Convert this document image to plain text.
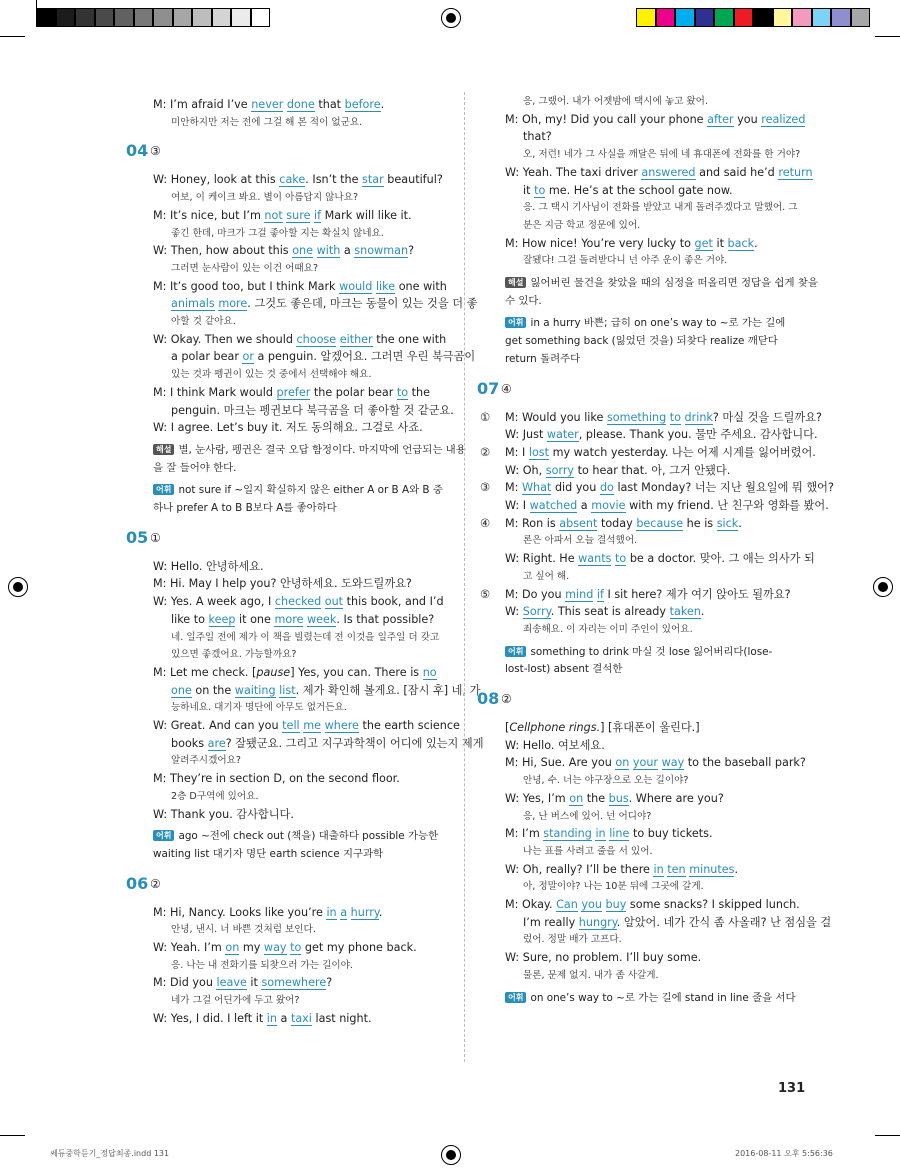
M: I’m afraid I’ve never done that before.
미안하지만 저는 전에 그걸 해 본 적이 없군요.
04 ③
W: Honey, look at this cake. Isn’t the star beautiful?
여보, 이 케이크 봐요. 별이 아름답지 않나요?
M: It’s nice, but I’m not sure if Mark will like it.
좋긴 한데, 마크가 그걸 좋아할 지는 확실치 않네요.
W: Then, how about this one with a snowman?
그러면 눈사람이 있는 이건 어때요?
M: It’s good too, but I think Mark would like one with
animals more. 그것도 좋은데, 마크는 동물이 있는 것을 더 좋
아할 것 같아요.
W: Okay. Then we should choose either the one with
a polar bear or a penguin. 알겠어요. 그러면 우린 북극곰이
있는 것과 펭귄이 있는 것 중에서 선택해야 해요.
M: I think Mark would prefer the polar bear to the
penguin. 마크는 펭귄보다 북극곰을 더 좋아할 것 같군요.
W: I agree. Let’s buy it. 저도 동의해요. 그걸로 사죠.
해설 별, 눈사람, 펭귄은 결국 오답 함정이다. 마지막에 언급되는 내용
을 잘 들어야 한다.
어휘 not sure if ~일지 확실하지 않은 either A or B A와 B 중
하나 prefer A to B B보다 A를 좋아하다
05 ①
W: Hello. 안녕하세요.
M: Hi. May I help you? 안녕하세요. 도와드릴까요?
W: Yes. A week ago, I checked out this book, and I’d
like to keep it one more week. Is that possible?
네. 일주일 전에 제가 이 책을 빌렸는데 전 이것을 일주일 더 갖고
있으면 좋겠어요. 가능할까요?
M: Let me check. [pause] Yes, you can. There is no
one on the waiting list. 제가 확인해 볼게요. [잠시 후] 네, 가
능하네요. 대기자 명단에 아무도 없거든요.
W: Great. And can you tell me where the earth science
books are? 잘됐군요. 그리고 지구과학책이 어디에 있는지 제게
알려주시겠어요?
M: They’re in section D, on the second floor.
2층 D구역에 있어요.
W: Thank you. 감사합니다.
어휘 ago ~전에 check out (책을) 대출하다 possible 가능한
waiting list 대기자 명단 earth science 지구과학
06 ②
M: Hi, Nancy. Looks like you’re in a hurry.
안녕, 낸시. 너 바쁜 것처럼 보인다.
W: Yeah. I’m on my way to get my phone back.
응. 나는 내 전화기를 되찾으러 가는 길이야.
M: Did you leave it somewhere?
네가 그걸 어딘가에 두고 왔어?
W: Yes, I did. I left it in a taxi last night.
응, 그랬어. 내가 어젯밤에 택시에 놓고 왔어.
M: Oh, my! Did you call your phone after you realized
that?
오, 저런! 네가 그 사실을 깨달은 뒤에 네 휴대폰에 전화를 한 거야?
W: Yeah. The taxi driver answered and said he’d return
it to me. He’s at the school gate now.
응. 그 택시 기사님이 전화를 받았고 내게 돌려주겠다고 말했어. 그
분은 지금 학교 정문에 있어.
M: How nice! You’re very lucky to get it back.
잘됐다! 그걸 돌려받다니 넌 아주 운이 좋은 거야.
해설 잃어버린 물건을 찾았을 때의 심정을 떠올리면 정답을 쉽게 찾을
수 있다.
어휘 in a hurry 바쁜; 급히 on one’s way to ~로 가는 길에
get something back (잃었던 것을) 되찾다 realize 깨닫다
return 돌려주다
07 ④
① M: Would you like something to drink? 마실 것을 드릴까요?
W: Just water, please. Thank you. 물만 주세요. 감사합니다.
② M: I lost my watch yesterday. 나는 어제 시계를 잃어버렸어.
W: Oh, sorry to hear that. 아, 그거 안됐다.
③ M: What did you do last Monday? 너는 지난 월요일에 뭐 했어?
W: I watched a movie with my friend. 난 친구와 영화를 봤어.
④ M: Ron is absent today because he is sick.
론은 아파서 오늘 결석했어.
W: Right. He wants to be a doctor. 맞아. 그 애는 의사가 되
고 싶어 해.
⑤ M: Do you mind if I sit here? 제가 여기 앉아도 될까요?
W: Sorry. This seat is already taken.
죄송해요. 이 자리는 이미 주인이 있어요.
어휘 something to drink 마실 것 lose 잃어버리다(lose-
lost-lost) absent 결석한
08 ②
[Cellphone rings.] [휴대폰이 울린다.]
W: Hello. 여보세요.
M: Hi, Sue. Are you on your way to the baseball park?
안녕, 수. 너는 야구장으로 오는 길이야?
W: Yes, I’m on the bus. Where are you?
응, 난 버스에 있어. 넌 어디야?
M: I’m standing in line to buy tickets.
나는 표를 사려고 줄을 서 있어.
W: Oh, really? I’ll be there in ten minutes.
아, 정말이야? 나는 10분 뒤에 그곳에 갈게.
M: Okay. Can you buy some snacks? I skipped lunch.
I’m really hungry. 알았어. 네가 간식 좀 사올래? 난 점심을 걸
렀어. 정말 배가 고프다.
W: Sure, no problem. I’ll buy some.
물론, 문제 없지. 내가 좀 사갈게.
어휘 on one’s way to ~로 가는 길에 stand in line 줄을 서다
131
쎄듀중학듣기_정답최종.indd 131	2016-08-11 오후 5:56:36
